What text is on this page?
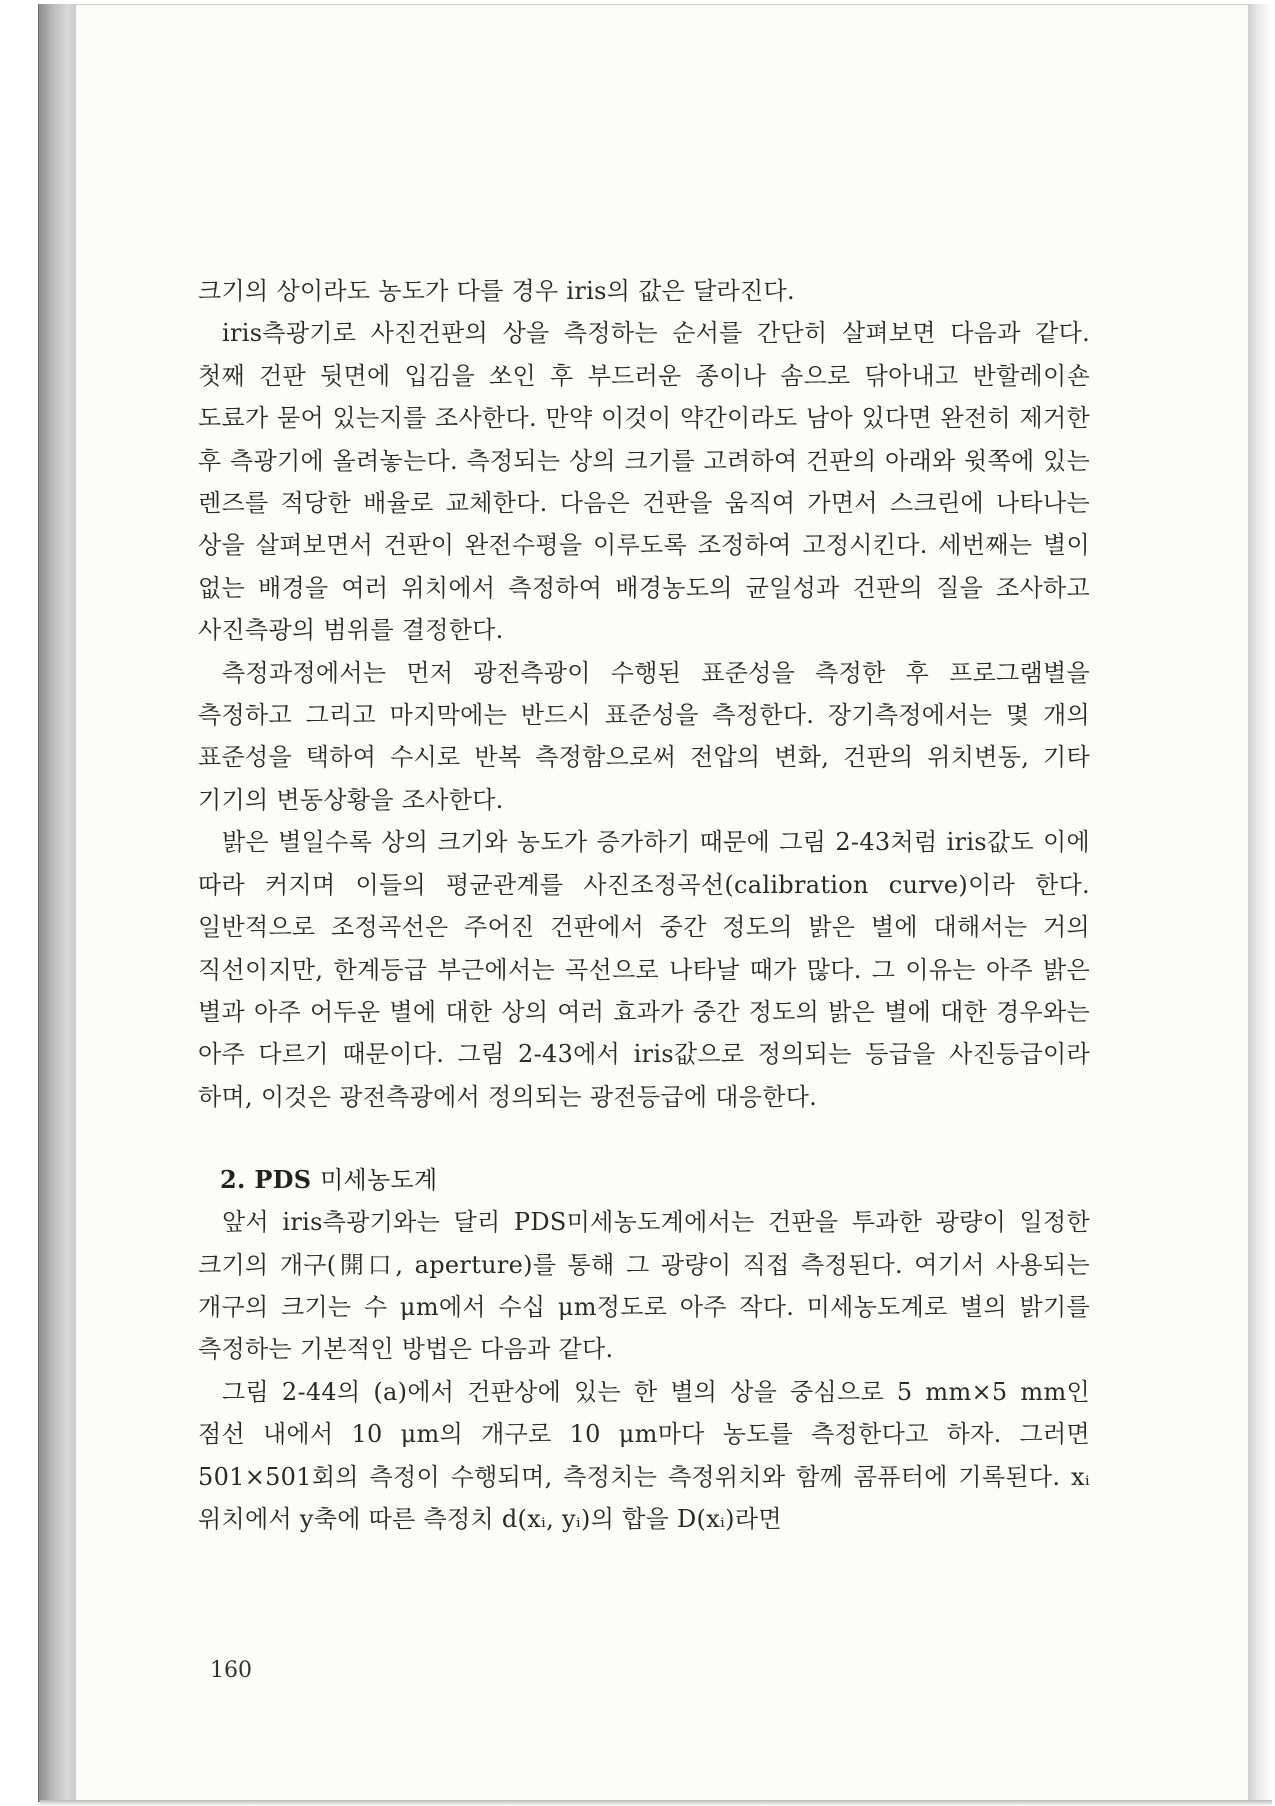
크기의 상이라도 농도가 다를 경우 iris의 값은 달라진다.

iris측광기로 사진건판의 상을 측정하는 순서를 간단히 살펴보면 다음과 같다. 첫째 건판 뒷면에 입김을 쏘인 후 부드러운 종이나 솜으로 닦아내고 반할레이숀 도료가 묻어 있는지를 조사한다. 만약 이것이 약간이라도 남아 있다면 완전히 제거한 후 측광기에 올려놓는다. 측정되는 상의 크기를 고려하여 건판의 아래와 윗쪽에 있는 렌즈를 적당한 배율로 교체한다. 다음은 건판을 움직여 가면서 스크린에 나타나는 상을 살펴보면서 건판이 완전수평을 이루도록 조정하여 고정시킨다. 세번째는 별이 없는 배경을 여러 위치에서 측정하여 배경농도의 균일성과 건판의 질을 조사하고 사진측광의 범위를 결정한다.

측정과정에서는 먼저 광전측광이 수행된 표준성을 측정한 후 프로그램별을 측정하고 그리고 마지막에는 반드시 표준성을 측정한다. 장기측정에서는 몇 개의 표준성을 택하여 수시로 반복 측정함으로써 전압의 변화, 건판의 위치변동, 기타 기기의 변동상황을 조사한다.

밝은 별일수록 상의 크기와 농도가 증가하기 때문에 그림 2-43처럼 iris값도 이에 따라 커지며 이들의 평균관계를 사진조정곡선(calibration curve)이라 한다. 일반적으로 조정곡선은 주어진 건판에서 중간 정도의 밝은 별에 대해서는 거의 직선이지만, 한계등급 부근에서는 곡선으로 나타날 때가 많다. 그 이유는 아주 밝은 별과 아주 어두운 별에 대한 상의 여러 효과가 중간 정도의 밝은 별에 대한 경우와는 아주 다르기 때문이다. 그림 2-43에서 iris값으로 정의되는 등급을 사진등급이라 하며, 이것은 광전측광에서 정의되는 광전등급에 대응한다.

2. PDS 미세농도계

앞서 iris측광기와는 달리 PDS미세농도계에서는 건판을 투과한 광량이 일정한 크기의 개구(開口, aperture)를 통해 그 광량이 직접 측정된다. 여기서 사용되는 개구의 크기는 수 μm에서 수십 μm정도로 아주 작다. 미세농도계로 별의 밝기를 측정하는 기본적인 방법은 다음과 같다.

그림 2-44의 (a)에서 건판상에 있는 한 별의 상을 중심으로 5 mm×5 mm인 점선 내에서 10 μm의 개구로 10 μm마다 농도를 측정한다고 하자. 그러면 501×501회의 측정이 수행되며, 측정치는 측정위치와 함께 콤퓨터에 기록된다. xᵢ 위치에서 y축에 따른 측정치 d(xᵢ, yᵢ)의 합을 D(xᵢ)라면

160
